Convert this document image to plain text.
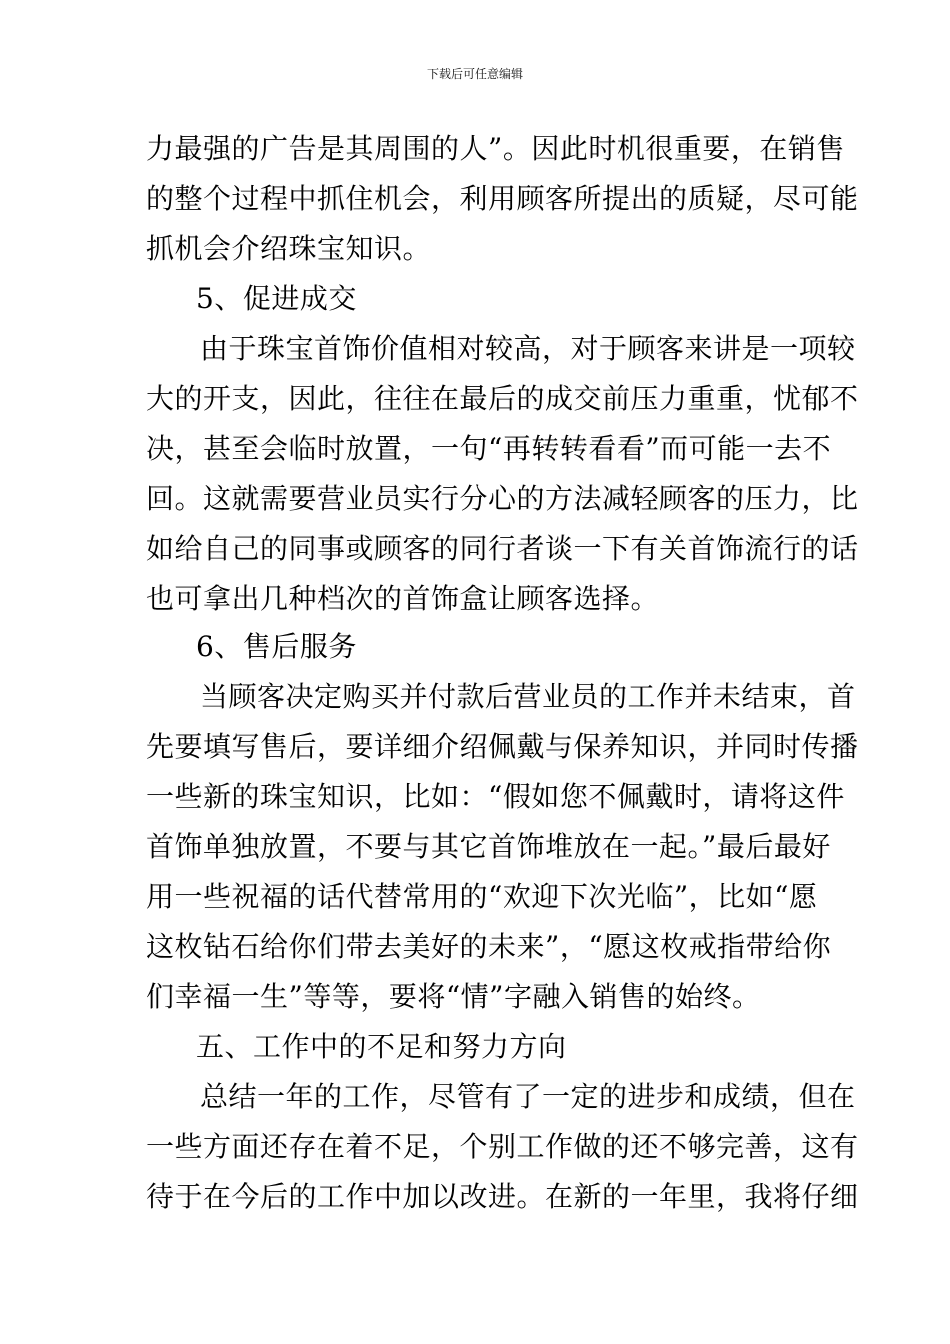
下载后可任意编辑
力最强的广告是其周围的人”。因此时机很重要，在销售
的整个过程中抓住机会，利用顾客所提出的质疑，尽可能
抓机会介绍珠宝知识。
5、促进成交
由于珠宝首饰价值相对较高，对于顾客来讲是一项较
大的开支，因此，往往在最后的成交前压力重重，忧郁不
决，甚至会临时放置，一句“再转转看看”而可能一去不
回。这就需要营业员实行分心的方法减轻顾客的压力，比
如给自己的同事或顾客的同行者谈一下有关首饰流行的话
也可拿出几种档次的首饰盒让顾客选择。
6、售后服务
当顾客决定购买并付款后营业员的工作并未结束，首
先要填写售后，要详细介绍佩戴与保养知识，并同时传播
一些新的珠宝知识，比如：“假如您不佩戴时，请将这件
首饰单独放置，不要与其它首饰堆放在一起。”最后最好
用一些祝福的话代替常用的“欢迎下次光临”，比如“愿
这枚钻石给你们带去美好的未来”，“愿这枚戒指带给你
们幸福一生”等等，要将“情”字融入销售的始终。
五、工作中的不足和努力方向
总结一年的工作，尽管有了一定的进步和成绩，但在
一些方面还存在着不足，个别工作做的还不够完善，这有
待于在今后的工作中加以改进。在新的一年里，我将仔细
